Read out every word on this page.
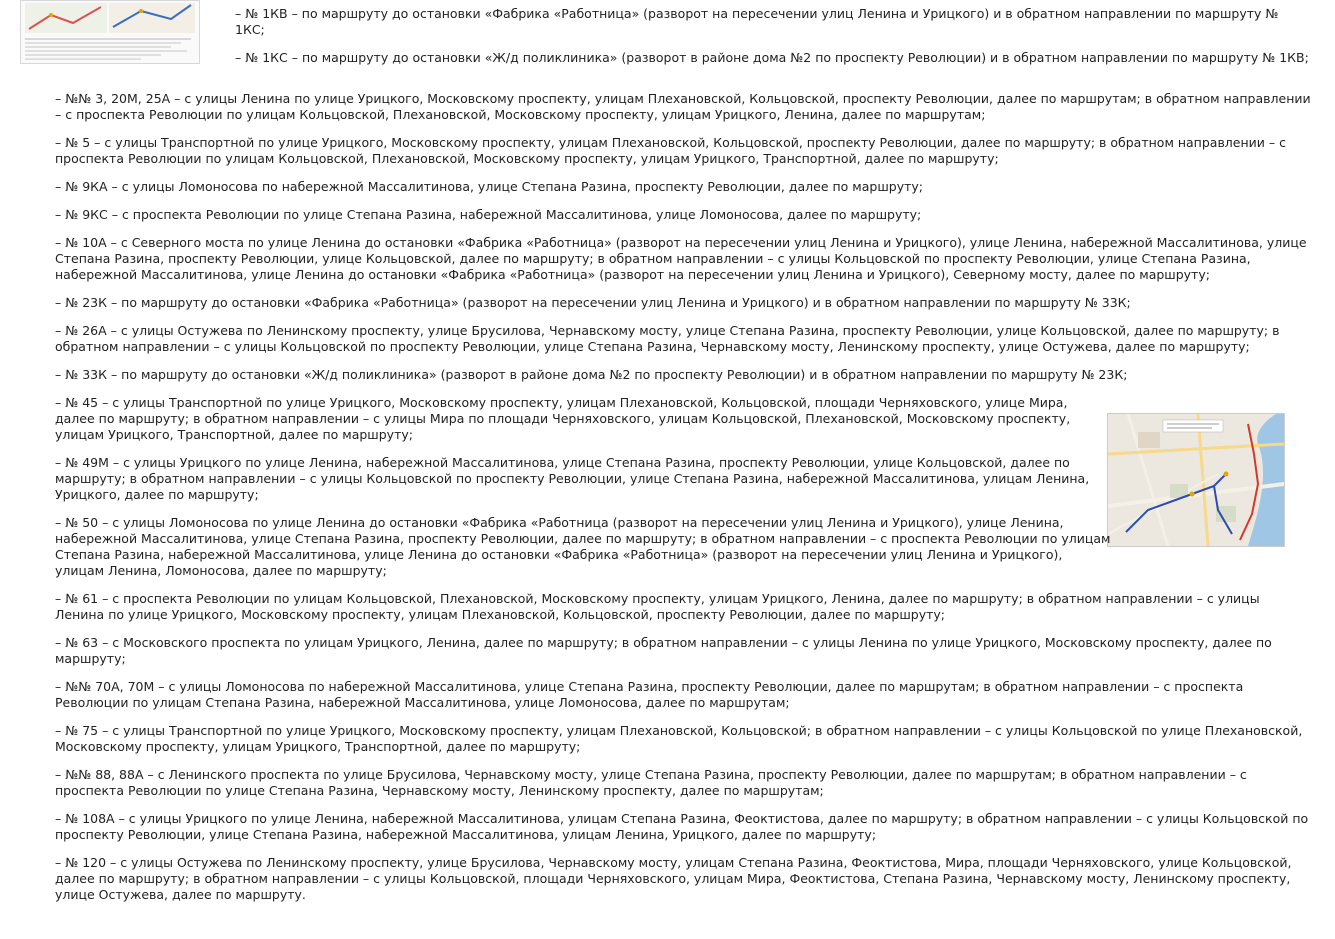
– № 1КВ – по маршруту до остановки «Фабрика «Работница» (разворот на пересечении улиц Ленина и Урицкого) и в обратном направлении по маршруту № 1КС;

– № 1КС – по маршруту до остановки «Ж/д поликлиника» (разворот в районе дома №2 по проспекту Революции) и в обратном направлении по маршруту № 1КВ;

– №№ 3, 20М, 25А – с улицы Ленина по улице Урицкого, Московскому проспекту, улицам Плехановской, Кольцовской, проспекту Революции, далее по маршрутам; в обратном направлении – с проспекта Революции по улицам Кольцовской, Плехановской, Московскому проспекту, улицам Урицкого, Ленина, далее по маршрутам;

– № 5 – с улицы Транспортной по улице Урицкого, Московскому проспекту, улицам Плехановской, Кольцовской, проспекту Революции, далее по маршруту; в обратном направлении – с проспекта Революции по улицам Кольцовской, Плехановской, Московскому проспекту, улицам Урицкого, Транспортной, далее по маршруту;

– № 9КА – с улицы Ломоносова по набережной Массалитинова, улице Степана Разина, проспекту Революции, далее по маршруту;

– № 9КС – с проспекта Революции по улице Степана Разина, набережной Массалитинова, улице Ломоносова, далее по маршруту;

– № 10А – с Северного моста по улице Ленина до остановки «Фабрика «Работница» (разворот на пересечении улиц Ленина и Урицкого), улице Ленина, набережной Массалитинова, улице Степана Разина, проспекту Революции, улице Кольцовской, далее по маршруту; в обратном направлении – с улицы Кольцовской по проспекту Революции, улице Степана Разина, набережной Массалитинова, улице Ленина до остановки «Фабрика «Работница» (разворот на пересечении улиц Ленина и Урицкого), Северному мосту, далее по маршруту;

– № 23К – по маршруту до остановки «Фабрика «Работница» (разворот на пересечении улиц Ленина и Урицкого) и в обратном направлении по маршруту № 33К;

– № 26А – с улицы Остужева по Ленинскому проспекту, улице Брусилова, Чернавскому мосту, улице Степана Разина, проспекту Революции, улице Кольцовской, далее по маршруту; в обратном направлении – с улицы Кольцовской по проспекту Революции, улице Степана Разина, Чернавскому мосту, Ленинскому проспекту, улице Остужева, далее по маршруту;

– № 33К – по маршруту до остановки «Ж/д поликлиника» (разворот в районе дома №2 по проспекту Революции) и в обратном направлении по маршруту № 23К;

– № 45 – с улицы Транспортной по улице Урицкого, Московскому проспекту, улицам Плехановской, Кольцовской, площади Черняховского, улице Мира, далее по маршруту; в обратном направлении – с улицы Мира по площади Черняховского, улицам Кольцовской, Плехановской, Московскому проспекту, улицам Урицкого, Транспортной, далее по маршруту;

– № 49М – с улицы Урицкого по улице Ленина, набережной Массалитинова, улице Степана Разина, проспекту Революции, улице Кольцовской, далее по маршруту; в обратном направлении – с улицы Кольцовской по проспекту Революции, улице Степана Разина, набережной Массалитинова, улицам Ленина, Урицкого, далее по маршруту;

– № 50 – с улицы Ломоносова по улице Ленина до остановки «Фабрика «Работница (разворот на пересечении улиц Ленина и Урицкого), улице Ленина, набережной Массалитинова, улице Степана Разина, проспекту Революции, далее по маршруту; в обратном направлении – с проспекта Революции по улицам Степана Разина, набережной Массалитинова, улице Ленина до остановки «Фабрика «Работница» (разворот на пересечении улиц Ленина и Урицкого), улицам Ленина, Ломоносова, далее по маршруту;

– № 61 – с проспекта Революции по улицам Кольцовской, Плехановской, Московскому проспекту, улицам Урицкого, Ленина, далее по маршруту; в обратном направлении – с улицы Ленина по улице Урицкого, Московскому проспекту, улицам Плехановской, Кольцовской, проспекту Революции, далее по маршруту;

– № 63 – с Московского проспекта по улицам Урицкого, Ленина, далее по маршруту; в обратном направлении – с улицы Ленина по улице Урицкого, Московскому проспекту, далее по маршруту;

– №№ 70А, 70М – с улицы Ломоносова по набережной Массалитинова, улице Степана Разина, проспекту Революции, далее по маршрутам; в обратном направлении – с проспекта Революции по улицам Степана Разина, набережной Массалитинова, улице Ломоносова, далее по маршрутам;

– № 75 – с улицы Транспортной по улице Урицкого, Московскому проспекту, улицам Плехановской, Кольцовской; в обратном направлении – с улицы Кольцовской по улице Плехановской, Московскому проспекту, улицам Урицкого, Транспортной, далее по маршруту;

– №№ 88, 88А – с Ленинского проспекта по улице Брусилова, Чернавскому мосту, улице Степана Разина, проспекту Революции, далее по маршрутам; в обратном направлении – с проспекта Революции по улице Степана Разина, Чернавскому мосту, Ленинскому проспекту, далее по маршрутам;

– № 108А – с улицы Урицкого по улице Ленина, набережной Массалитинова, улицам Степана Разина, Феоктистова, далее по маршруту; в обратном направлении – с улицы Кольцовской по проспекту Революции, улице Степана Разина, набережной Массалитинова, улицам Ленина, Урицкого, далее по маршруту;

– № 120 – с улицы Остужева по Ленинскому проспекту, улице Брусилова, Чернавскому мосту, улицам Степана Разина, Феоктистова, Мира, площади Черняховского, улице Кольцовской, далее по маршруту; в обратном направлении – с улицы Кольцовской, площади Черняховского, улицам Мира, Феоктистова, Степана Разина, Чернавскому мосту, Ленинскому проспекту, улице Остужева, далее по маршруту.
